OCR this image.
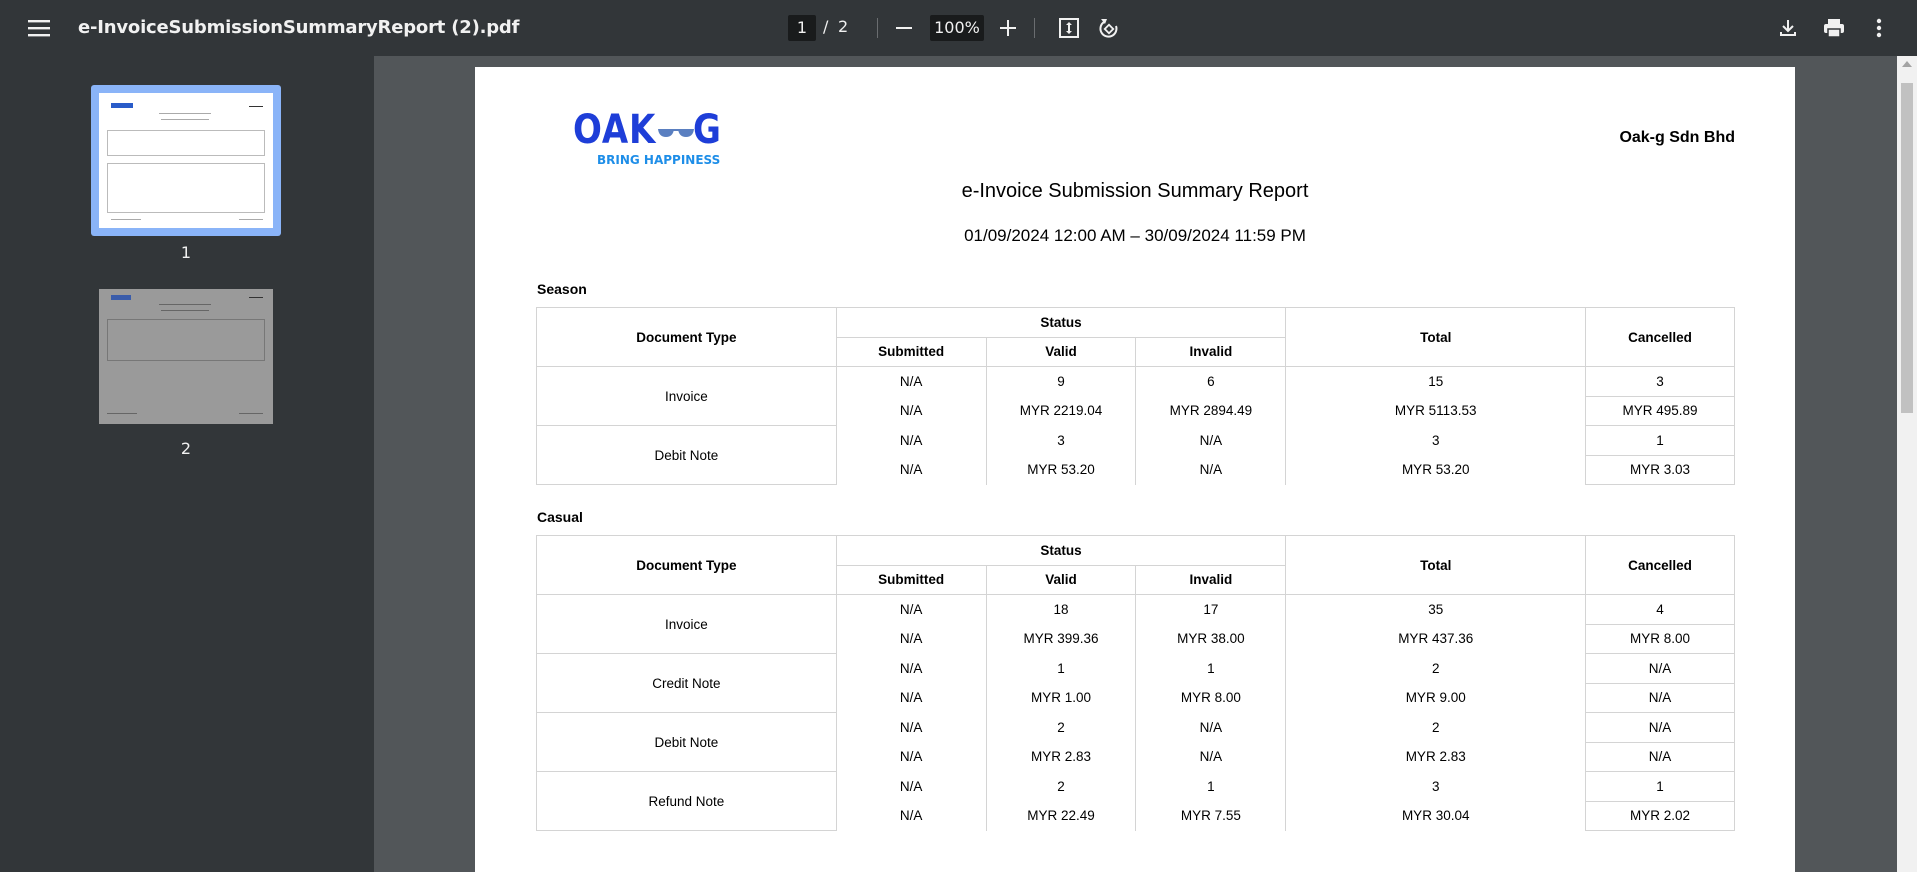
e-InvoiceSubmissionSummaryReport (2).pdf	1 / 2	100%
1
2
OAK G
BRING HAPPINESS
Oak-g Sdn Bhd
e-Invoice Submission Summary Report
01/09/2024 12:00 AM – 30/09/2024 11:59 PM
Season
Document Type	Status			Total	Cancelled
	Submitted	Valid	Invalid		
Invoice	N/A	9	6	15	3
	N/A	MYR 2219.04	MYR 2894.49	MYR 5113.53	MYR 495.89
Debit Note	N/A	3	N/A	3	1
	N/A	MYR 53.20	N/A	MYR 53.20	MYR 3.03
Casual
Document Type	Status			Total	Cancelled
	Submitted	Valid	Invalid		
Invoice	N/A	18	17	35	4
	N/A	MYR 399.36	MYR 38.00	MYR 437.36	MYR 8.00
Credit Note	N/A	1	1	2	N/A
	N/A	MYR 1.00	MYR 8.00	MYR 9.00	N/A
Debit Note	N/A	2	N/A	2	N/A
	N/A	MYR 2.83	N/A	MYR 2.83	N/A
Refund Note	N/A	2	1	3	1
	N/A	MYR 22.49	MYR 7.55	MYR 30.04	MYR 2.02
